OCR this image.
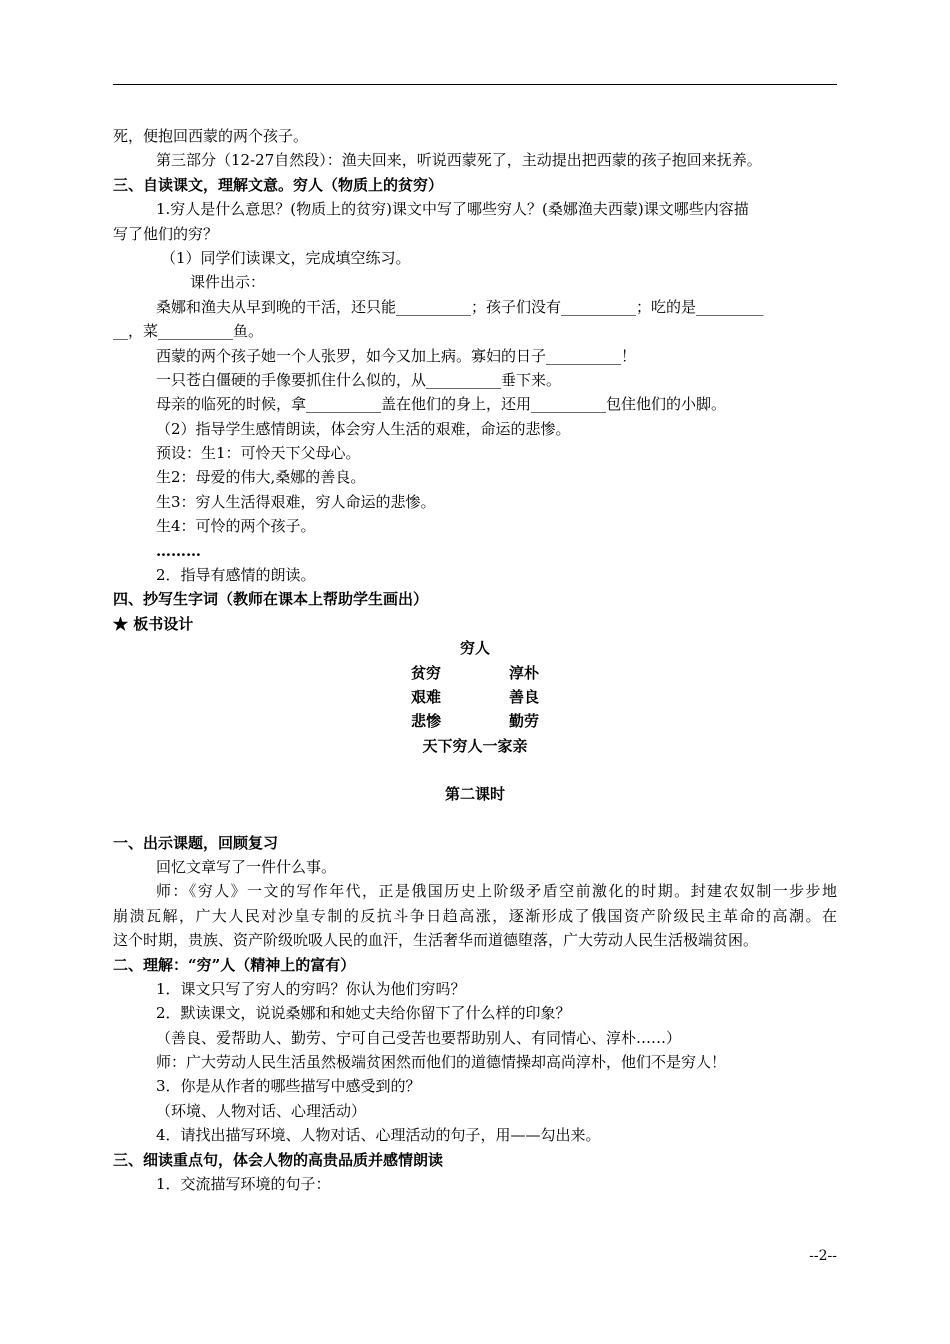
死，便抱回西蒙的两个孩子。
第三部分（12-27自然段）：渔夫回来，听说西蒙死了，主动提出把西蒙的孩子抱回来抚养。
三、自读课文，理解文意。穷人（物质上的贫穷）
1.穷人是什么意思？(物质上的贫穷)课文中写了哪些穷人？(桑娜渔夫西蒙)课文哪些内容描
写了他们的穷？
（1）同学们读课文，完成填空练习。
课件出示：
桑娜和渔夫从早到晚的干活，还只能__________；孩子们没有__________；吃的是_________
__，菜__________鱼。
西蒙的两个孩子她一个人张罗，如今又加上病。寡妇的日子__________！
一只苍白僵硬的手像要抓住什么似的，从__________垂下来。
母亲的临死的时候，拿__________盖在他们的身上，还用__________包住他们的小脚。
（2）指导学生感情朗读，体会穷人生活的艰难，命运的悲惨。
预设：生1：可怜天下父母心。
生2：母爱的伟大,桑娜的善良。
生3：穷人生活得艰难，穷人命运的悲惨。
生4：可怜的两个孩子。
………
2．指导有感情的朗读。
四、抄写生字词（教师在课本上帮助学生画出）
★ 板书设计
穷人
贫穷	淳朴
艰难	善良
悲惨	勤劳
天下穷人一家亲
第二课时
一、出示课题，回顾复习
回忆文章写了一件什么事。
师：《穷人》一文的写作年代，正是俄国历史上阶级矛盾空前激化的时期。封建农奴制一步步地
崩溃瓦解，广大人民对沙皇专制的反抗斗争日趋高涨，逐渐形成了俄国资产阶级民主革命的高潮。在
这个时期，贵族、资产阶级吮吸人民的血汗，生活奢华而道德堕落，广大劳动人民生活极端贫困。
二、理解：“穷”人（精神上的富有）
1．课文只写了穷人的穷吗？你认为他们穷吗？
2．默读课文，说说桑娜和和她丈夫给你留下了什么样的印象？
（善良、爱帮助人、勤劳、宁可自己受苦也要帮助别人、有同情心、淳朴……）
师：广大劳动人民生活虽然极端贫困然而他们的道德情操却高尚淳朴，他们不是穷人！
3．你是从作者的哪些描写中感受到的？
（环境、人物对话、心理活动）
4．请找出描写环境、人物对话、心理活动的句子，用——勾出来。
三、细读重点句，体会人物的高贵品质并感情朗读
1．交流描写环境的句子：
--2--
